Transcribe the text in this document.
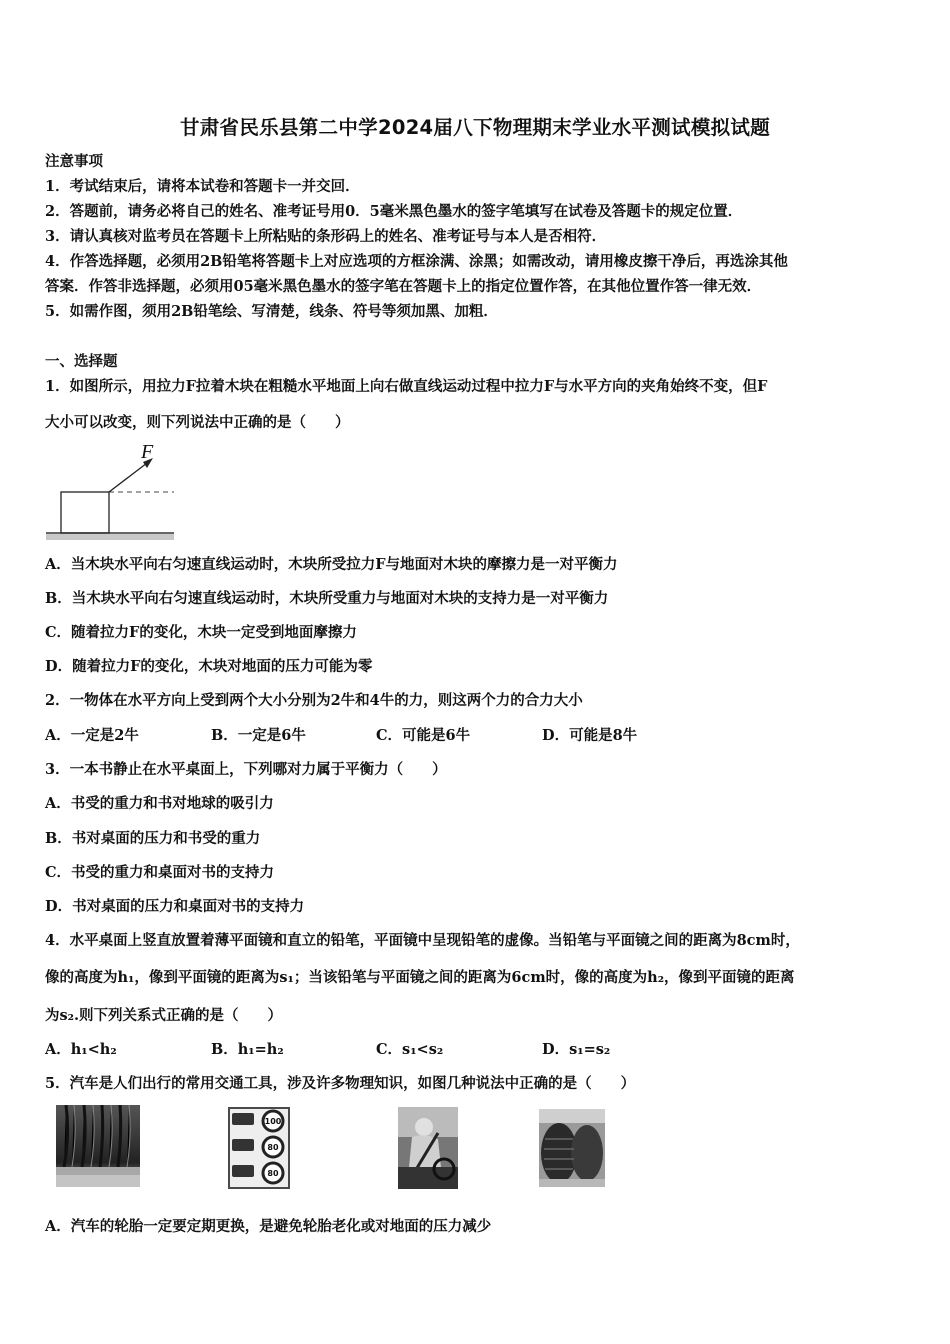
甘肃省民乐县第二中学2024届八下物理期末学业水平测试模拟试题
注意事项
1．考试结束后，请将本试卷和答题卡一并交回．
2．答题前，请务必将自己的姓名、准考证号用0．5毫米黑色墨水的签字笔填写在试卷及答题卡的规定位置．
3．请认真核对监考员在答题卡上所粘贴的条形码上的姓名、准考证号与本人是否相符．
4．作答选择题，必须用2B铅笔将答题卡上对应选项的方框涂满、涂黑；如需改动，请用橡皮擦干净后，再选涂其他
答案．作答非选择题，必须用05毫米黑色墨水的签字笔在答题卡上的指定位置作答，在其他位置作答一律无效．
5．如需作图，须用2B铅笔绘、写清楚，线条、符号等须加黑、加粗．
一、选择题
1．如图所示，用拉力F拉着木块在粗糙水平地面上向右做直线运动过程中拉力F与水平方向的夹角始终不变，但F
大小可以改变，则下列说法中正确的是（　　）
F
A．当木块水平向右匀速直线运动时，木块所受拉力F与地面对木块的摩擦力是一对平衡力
B．当木块水平向右匀速直线运动时，木块所受重力与地面对木块的支持力是一对平衡力
C．随着拉力F的变化，木块一定受到地面摩擦力
D．随着拉力F的变化，木块对地面的压力可能为零
2．一物体在水平方向上受到两个大小分别为2牛和4牛的力，则这两个力的合力大小
A．一定是2牛	B．一定是6牛	C．可能是6牛	D．可能是8牛
3．一本书静止在水平桌面上，下列哪对力属于平衡力（　　）
A．书受的重力和书对地球的吸引力
B．书对桌面的压力和书受的重力
C．书受的重力和桌面对书的支持力
D．书对桌面的压力和桌面对书的支持力
4．水平桌面上竖直放置着薄平面镜和直立的铅笔，平面镜中呈现铅笔的虚像。当铅笔与平面镜之间的距离为8cm时，
像的高度为h₁，像到平面镜的距离为s₁；当该铅笔与平面镜之间的距离为6cm时，像的高度为h₂，像到平面镜的距离
为s₂.则下列关系式正确的是（　　）
A．h₁<h₂	B．h₁=h₂	C．s₁<s₂	D．s₁=s₂
5．汽车是人们出行的常用交通工具，涉及许多物理知识，如图几种说法中正确的是（　　）
100
80
80
A．汽车的轮胎一定要定期更换，是避免轮胎老化或对地面的压力减少
